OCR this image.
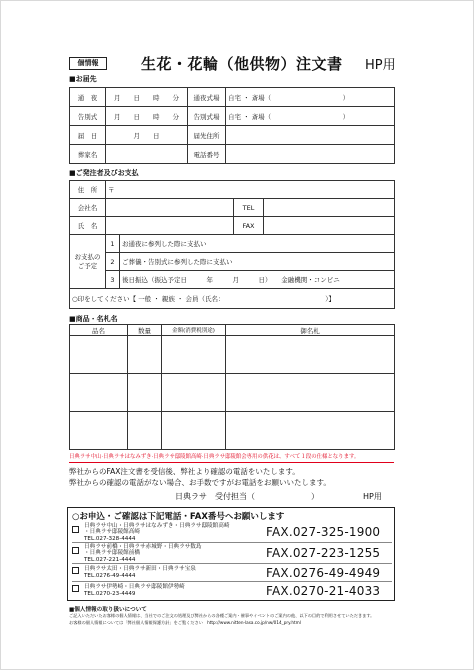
個情報	生花・花輪（他供物）注文書 HP用
■お届先
通　夜	月　　日　　時　　分	通夜式場	自宅 ・ 斎場（　　　　　　　　　　　）
告別式	月　　日　　時　　分	告別式場	自宅 ・ 斎場（　　　　　　　　　　　）
届　日	月　　日	届先住所	
葬家名		電話番号	
■ご発注者及びお支払
住　所	〒			
会社名			TEL	
氏　名			FAX	
お支払の ご予定	1	お通夜に参列した際に支払い		
	2	ご葬儀・告別式に参列した際に支払い		
	3	後日振込（振込予定日　　　年　　　月　　　日）　　金融機関・コンビニ		
○印をしてください【 一般 ・ 親族 ・ 会員（氏名：　　　　　　　　　　　　　　　　）】				
■商品・名札名
品名	数量	金額(消費税別途)	御名札

日典ラサ中山·日典ラサはなみずき·日典ラサ邸陵館高崎·日典ラサ邸陵館会専用の供花は、すべて１段の仕様となります。
弊社からのFAX注文書を受信後、弊社より確認の電話をいたします。
弊社からの確認の電話がない場合、お手数ですがお電話をお願いいたします。
日典ラサ　受付担当（　　　　　　　）　　　　　　HP用
○お申込・ご確認は下記電話・FAX番号へお願いします
日典ラサ中山・日典ラサはなみずき・日典ラサ邸陵館高崎
・日典ラサ邸陵館高崎
TEL.027-328-4444	FAX.027-325-1900
日典ラサ前橋・日典ラサ赤城野・日典ラサ数島
・日典ラサ邸陵館前橋
TEL.027-221-4444	FAX.027-223-1255
日典ラサ太田・日典ラサ新田・日典ラサ宝泉
TEL.0276-49-4444	FAX.0276-49-4949
日典ラサ伊勢崎・日典ラサ邸陵館伊勢崎
TEL.0270-23-4449	FAX.0270-21-4033
■個人情報の取り扱いについて
ご記入いただいたお客様の個人情報は、当社でのご注文の処理及び弊社からの各種ご案内・催事やイベントのご案内の他、以下の目的で利用させていただきます。
お客様の個人情報については「弊社個人情報保護方針」をご覧ください　http://www.nitten-lasa.co.jp/nw/014_pry.html
